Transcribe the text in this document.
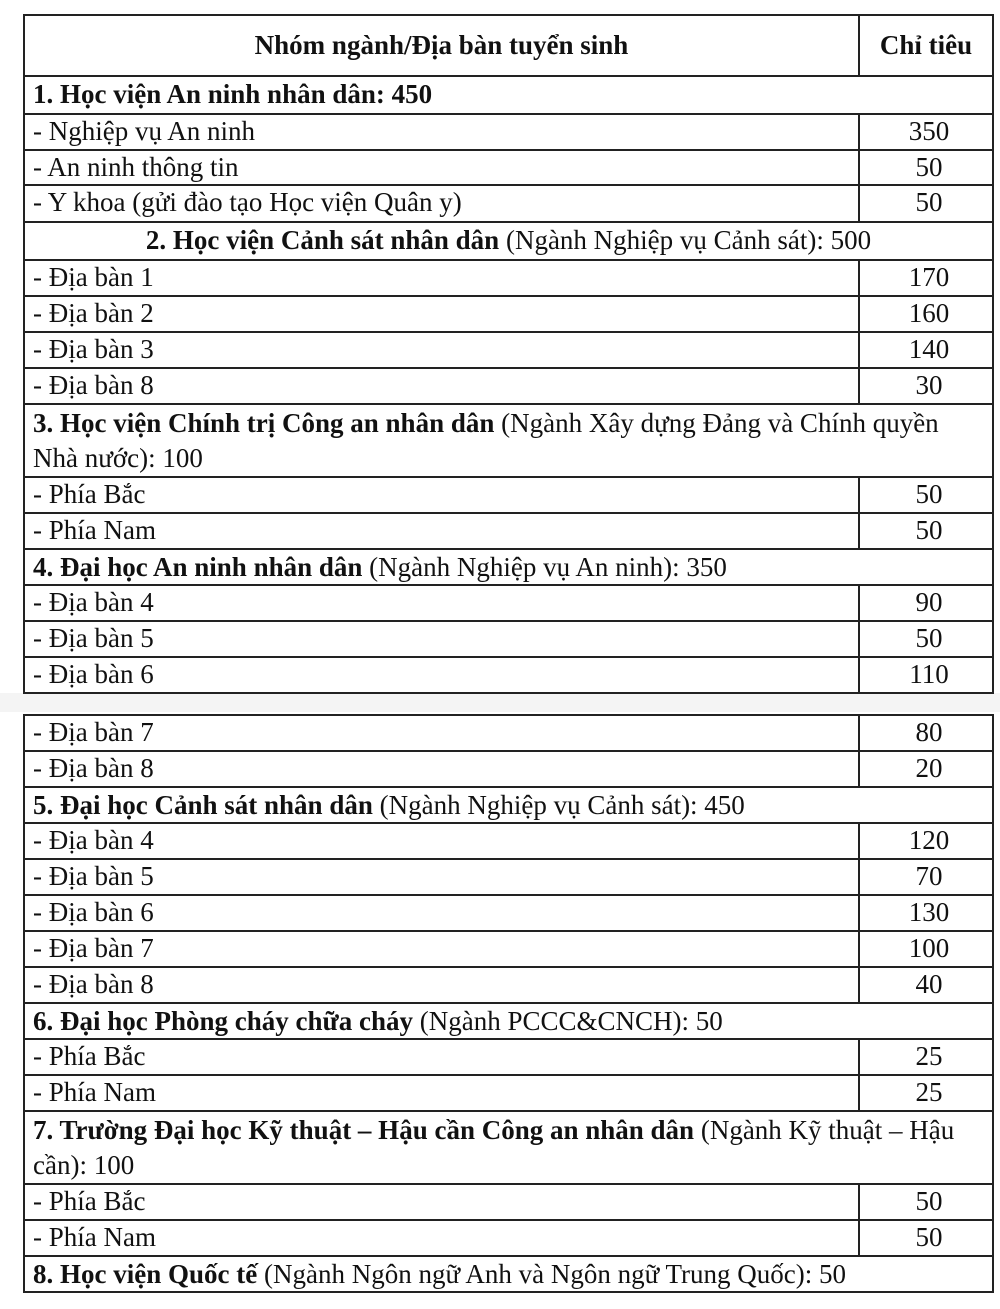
Nhóm ngành/Địa bàn tuyển sinh	Chỉ tiêu
1. Học viện An ninh nhân dân: 450
- Nghiệp vụ An ninh	350
- An ninh thông tin	50
- Y khoa (gửi đào tạo Học viện Quân y)	50
2. Học viện Cảnh sát nhân dân (Ngành Nghiệp vụ Cảnh sát): 500
- Địa bàn 1	170
- Địa bàn 2	160
- Địa bàn 3	140
- Địa bàn 8	30
3. Học viện Chính trị Công an nhân dân (Ngành Xây dựng Đảng và Chính quyền Nhà nước): 100
- Phía Bắc	50
- Phía Nam	50
4. Đại học An ninh nhân dân (Ngành Nghiệp vụ An ninh): 350
- Địa bàn 4	90
- Địa bàn 5	50
- Địa bàn 6	110
- Địa bàn 7	80
- Địa bàn 8	20
5. Đại học Cảnh sát nhân dân (Ngành Nghiệp vụ Cảnh sát): 450
- Địa bàn 4	120
- Địa bàn 5	70
- Địa bàn 6	130
- Địa bàn 7	100
- Địa bàn 8	40
6. Đại học Phòng cháy chữa cháy (Ngành PCCC&CNCH): 50
- Phía Bắc	25
- Phía Nam	25
7. Trường Đại học Kỹ thuật – Hậu cần Công an nhân dân (Ngành Kỹ thuật – Hậu cần): 100
- Phía Bắc	50
- Phía Nam	50
8. Học viện Quốc tế (Ngành Ngôn ngữ Anh và Ngôn ngữ Trung Quốc): 50
